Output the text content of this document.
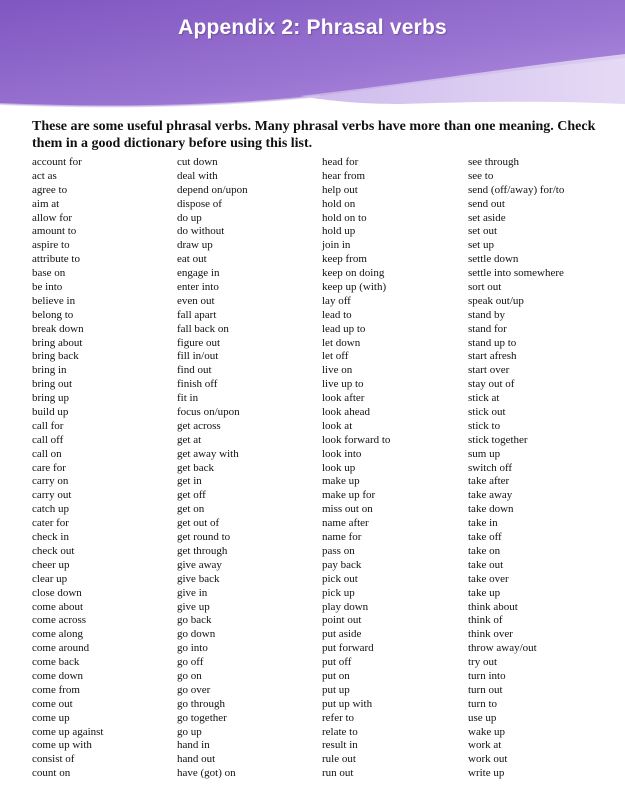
Appendix 2: Phrasal verbs

These are some useful phrasal verbs. Many phrasal verbs have more than one meaning. Check them in a good dictionary before using this list.

account for
act as
agree to
aim at
allow for
amount to
aspire to
attribute to
base on
be into
believe in
belong to
break down
bring about
bring back
bring in
bring out
bring up
build up
call for
call off
call on
care for
carry on
carry out
catch up
cater for
check in
check out
cheer up
clear up
close down
come about
come across
come along
come around
come back
come down
come from
come out
come up
come up against
come up with
consist of
count on
cut down
deal with
depend on/upon
dispose of
do up
do without
draw up
eat out
engage in
enter into
even out
fall apart
fall back on
figure out
fill in/out
find out
finish off
fit in
focus on/upon
get across
get at
get away with
get back
get in
get off
get on
get out of
get round to
get through
give away
give back
give in
give up
go back
go down
go into
go off
go on
go over
go through
go together
go up
hand in
hand out
have (got) on
head for
hear from
help out
hold on
hold on to
hold up
join in
keep from
keep on doing
keep up (with)
lay off
lead to
lead up to
let down
let off
live on
live up to
look after
look ahead
look at
look forward to
look into
look up
make up
make up for
miss out on
name after
name for
pass on
pay back
pick out
pick up
play down
point out
put aside
put forward
put off
put on
put up
put up with
refer to
relate to
result in
rule out
run out
see through
see to
send (off/away) for/to
send out
set aside
set out
set up
settle down
settle into somewhere
sort out
speak out/up
stand by
stand for
stand up to
start afresh
start over
stay out of
stick at
stick out
stick to
stick together
sum up
switch off
take after
take away
take down
take in
take off
take on
take out
take over
take up
think about
think of
think over
throw away/out
try out
turn into
turn out
turn to
use up
wake up
work at
work out
write up
